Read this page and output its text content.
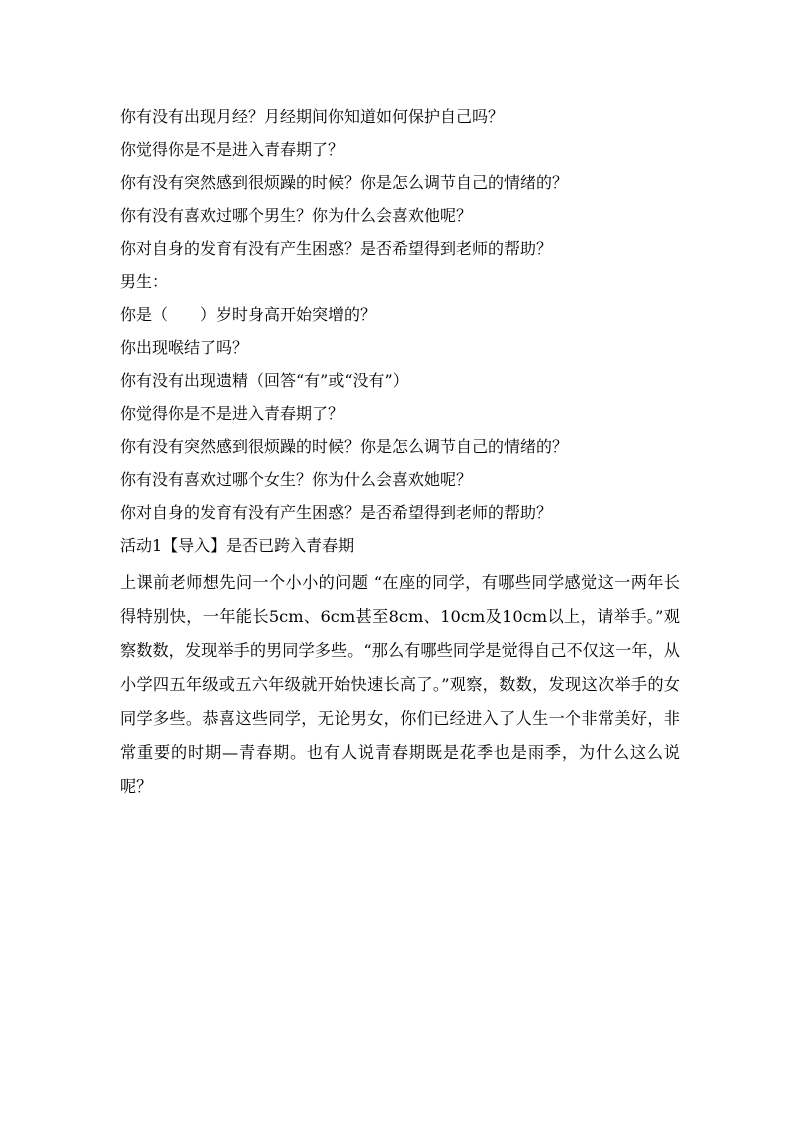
你有没有出现月经？月经期间你知道如何保护自己吗？

你觉得你是不是进入青春期了？

你有没有突然感到很烦躁的时候？你是怎么调节自己的情绪的？

你有没有喜欢过哪个男生？你为什么会喜欢他呢？

你对自身的发育有没有产生困惑？是否希望得到老师的帮助？

男生：

你是（　　）岁时身高开始突增的？

你出现喉结了吗？

你有没有出现遗精（回答“有”或“没有”）

你觉得你是不是进入青春期了？

你有没有突然感到很烦躁的时候？你是怎么调节自己的情绪的？

你有没有喜欢过哪个女生？你为什么会喜欢她呢？

你对自身的发育有没有产生困惑？是否希望得到老师的帮助？

活动1【导入】是否已跨入青春期

上课前老师想先问一个小小的问题 “在座的同学，有哪些同学感觉这一两年长得特别快，一年能长5cm、6cm甚至8cm、10cm及10cm以上，请举手。”观察数数，发现举手的男同学多些。“那么有哪些同学是觉得自己不仅这一年，从小学四五年级或五六年级就开始快速长高了。”观察，数数，发现这次举手的女同学多些。恭喜这些同学，无论男女，你们已经进入了人生一个非常美好，非常重要的时期—青春期。也有人说青春期既是花季也是雨季，为什么这么说呢？
